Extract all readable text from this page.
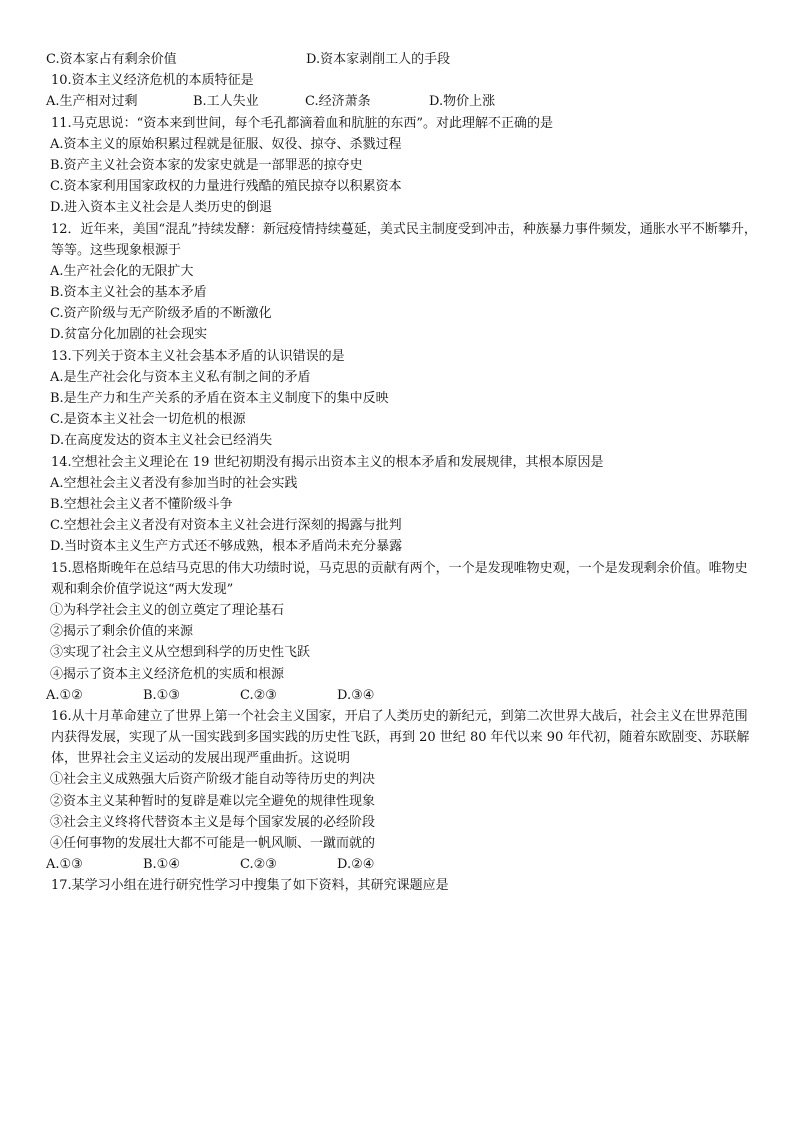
C.资本家占有剩余价值	D.资本家剥削工人的手段
10.资本主义经济危机的本质特征是
A.生产相对过剩	B.工人失业	C.经济萧条	D.物价上涨
11.马克思说：“资本来到世间，每个毛孔都滴着血和肮脏的东西”。对此理解不正确的是
A.资本主义的原始积累过程就是征服、奴役、掠夺、杀戮过程
B.资产主义社会资本家的发家史就是一部罪恶的掠夺史
C.资本家利用国家政权的力量进行残酷的殖民掠夺以积累资本
D.进入资本主义社会是人类历史的倒退
12．近年来，美国“混乱”持续发酵：新冠疫情持续蔓延，美式民主制度受到冲击，种族暴力事件频发，通胀水平不断攀升，等等。这些现象根源于
A.生产社会化的无限扩大
B.资本主义社会的基本矛盾
C.资产阶级与无产阶级矛盾的不断激化
D.贫富分化加剧的社会现实
13.下列关于资本主义社会基本矛盾的认识错误的是
A.是生产社会化与资本主义私有制之间的矛盾
B.是生产力和生产关系的矛盾在资本主义制度下的集中反映
C.是资本主义社会一切危机的根源
D.在高度发达的资本主义社会已经消失
14.空想社会主义理论在 19 世纪初期没有揭示出资本主义的根本矛盾和发展规律，其根本原因是
A.空想社会主义者没有参加当时的社会实践
B.空想社会主义者不懂阶级斗争
C.空想社会主义者没有对资本主义社会进行深刻的揭露与批判
D.当时资本主义生产方式还不够成熟，根本矛盾尚未充分暴露
15.恩格斯晚年在总结马克思的伟大功绩时说，马克思的贡献有两个，一个是发现唯物史观，一个是发现剩余价值。唯物史观和剩余价值学说这“两大发现”
①为科学社会主义的创立奠定了理论基石
②揭示了剩余价值的来源
③实现了社会主义从空想到科学的历史性飞跃
④揭示了资本主义经济危机的实质和根源
A.①②	B.①③	C.②③	D.③④
16.从十月革命建立了世界上第一个社会主义国家，开启了人类历史的新纪元，到第二次世界大战后，社会主义在世界范围内获得发展，实现了从一国实践到多国实践的历史性飞跃，再到 20 世纪 80 年代以来 90 年代初，随着东欧剧变、苏联解体，世界社会主义运动的发展出现严重曲折。这说明
①社会主义成熟强大后资产阶级才能自动等待历史的判决
②资本主义某种暂时的复辟是难以完全避免的规律性现象
③社会主义终将代替资本主义是每个国家发展的必经阶段
④任何事物的发展壮大都不可能是一帆风顺、一蹴而就的
A.①③	B.①④	C.②③	D.②④
17.某学习小组在进行研究性学习中搜集了如下资料，其研究课题应是
